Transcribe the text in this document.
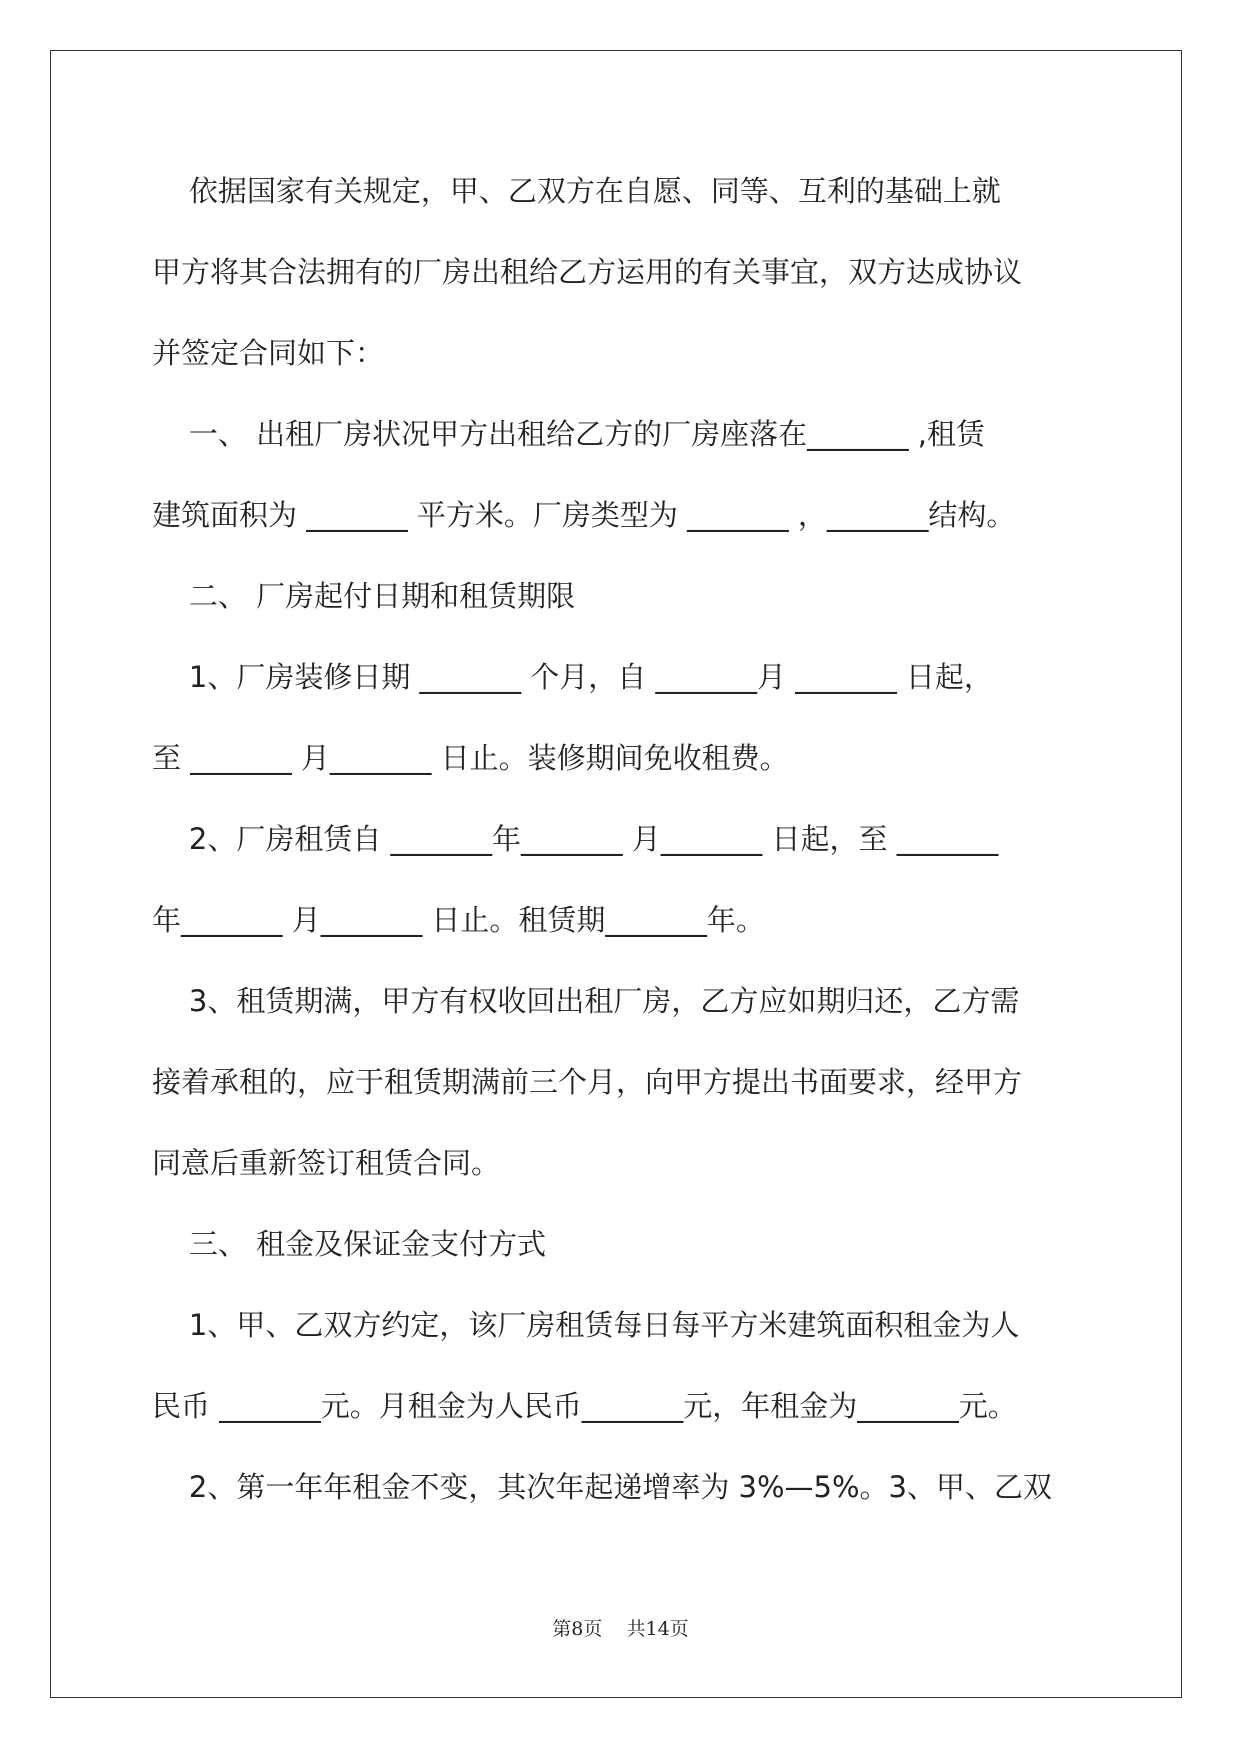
依据国家有关规定，甲、乙双方在自愿、同等、互利的基础上就
甲方将其合法拥有的厂房出租给乙方运用的有关事宜，双方达成协议
并签定合同如下：
一、 出租厂房状况甲方出租给乙方的厂房座落在_______ ,租赁
建筑面积为 _______ 平方米。厂房类型为 _______ ，_______结构。
二、 厂房起付日期和租赁期限
1、厂房装修日期 _______ 个月，自 _______月 _______ 日起，
至 _______ 月_______ 日止。装修期间免收租费。
2、厂房租赁自 _______年_______ 月_______ 日起，至 _______
年_______ 月_______ 日止。租赁期_______年。
3、租赁期满，甲方有权收回出租厂房，乙方应如期归还，乙方需
接着承租的，应于租赁期满前三个月，向甲方提出书面要求，经甲方
同意后重新签订租赁合同。
三、 租金及保证金支付方式
1、甲、乙双方约定，该厂房租赁每日每平方米建筑面积租金为人
民币 _______元。月租金为人民币_______元，年租金为_______元。
2、第一年年租金不变，其次年起递增率为 3%—5%。3、甲、乙双
第8页    共14页
